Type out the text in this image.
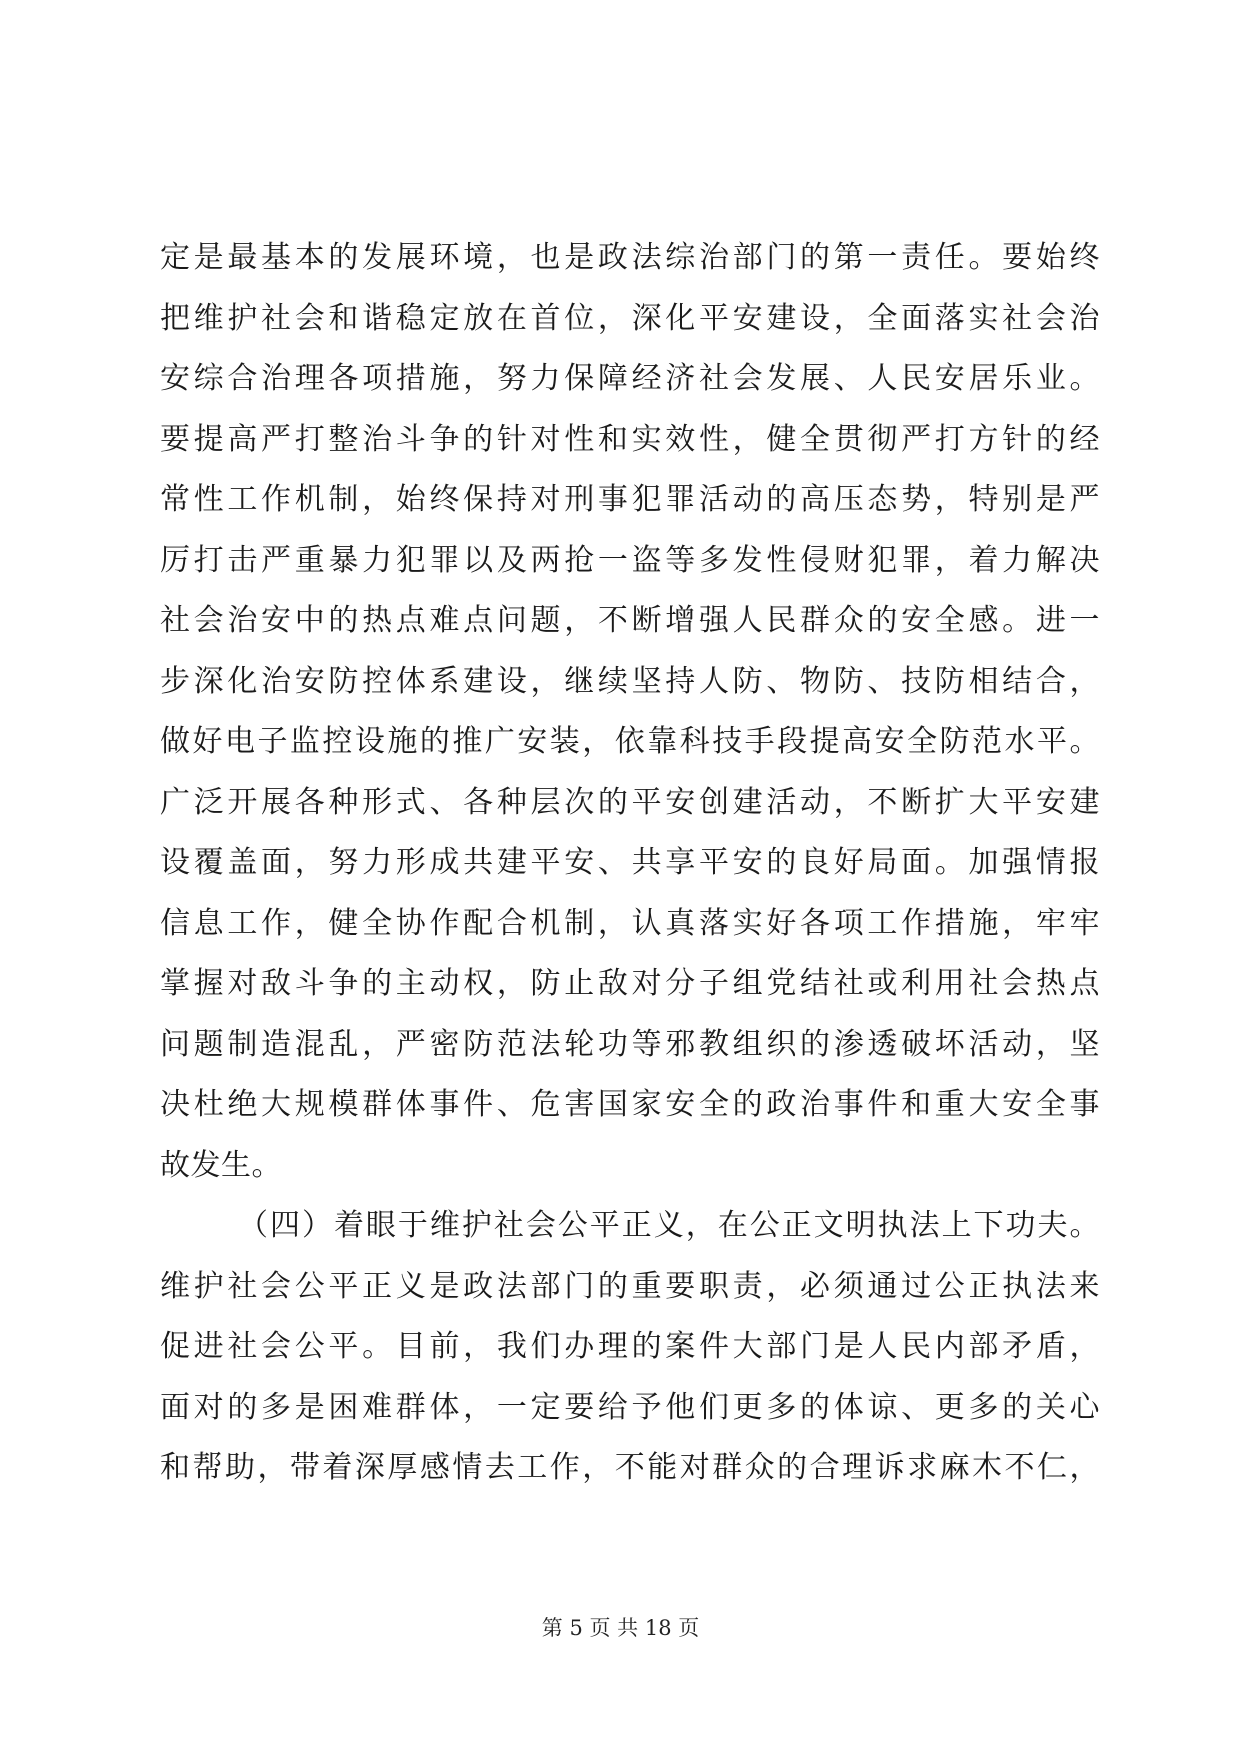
定是最基本的发展环境，也是政法综治部门的第一责任。要始终
把维护社会和谐稳定放在首位，深化平安建设，全面落实社会治
安综合治理各项措施，努力保障经济社会发展、人民安居乐业。
要提高严打整治斗争的针对性和实效性，健全贯彻严打方针的经
常性工作机制，始终保持对刑事犯罪活动的高压态势，特别是严
厉打击严重暴力犯罪以及两抢一盗等多发性侵财犯罪，着力解决
社会治安中的热点难点问题，不断增强人民群众的安全感。进一
步深化治安防控体系建设，继续坚持人防、物防、技防相结合，
做好电子监控设施的推广安装，依靠科技手段提高安全防范水平。
广泛开展各种形式、各种层次的平安创建活动，不断扩大平安建
设覆盖面，努力形成共建平安、共享平安的良好局面。加强情报
信息工作，健全协作配合机制，认真落实好各项工作措施，牢牢
掌握对敌斗争的主动权，防止敌对分子组党结社或利用社会热点
问题制造混乱，严密防范法轮功等邪教组织的渗透破坏活动，坚
决杜绝大规模群体事件、危害国家安全的政治事件和重大安全事
故发生。
（四）着眼于维护社会公平正义，在公正文明执法上下功夫。
维护社会公平正义是政法部门的重要职责，必须通过公正执法来
促进社会公平。目前，我们办理的案件大部门是人民内部矛盾，
面对的多是困难群体，一定要给予他们更多的体谅、更多的关心
和帮助，带着深厚感情去工作，不能对群众的合理诉求麻木不仁，
第 5 页 共 18 页
